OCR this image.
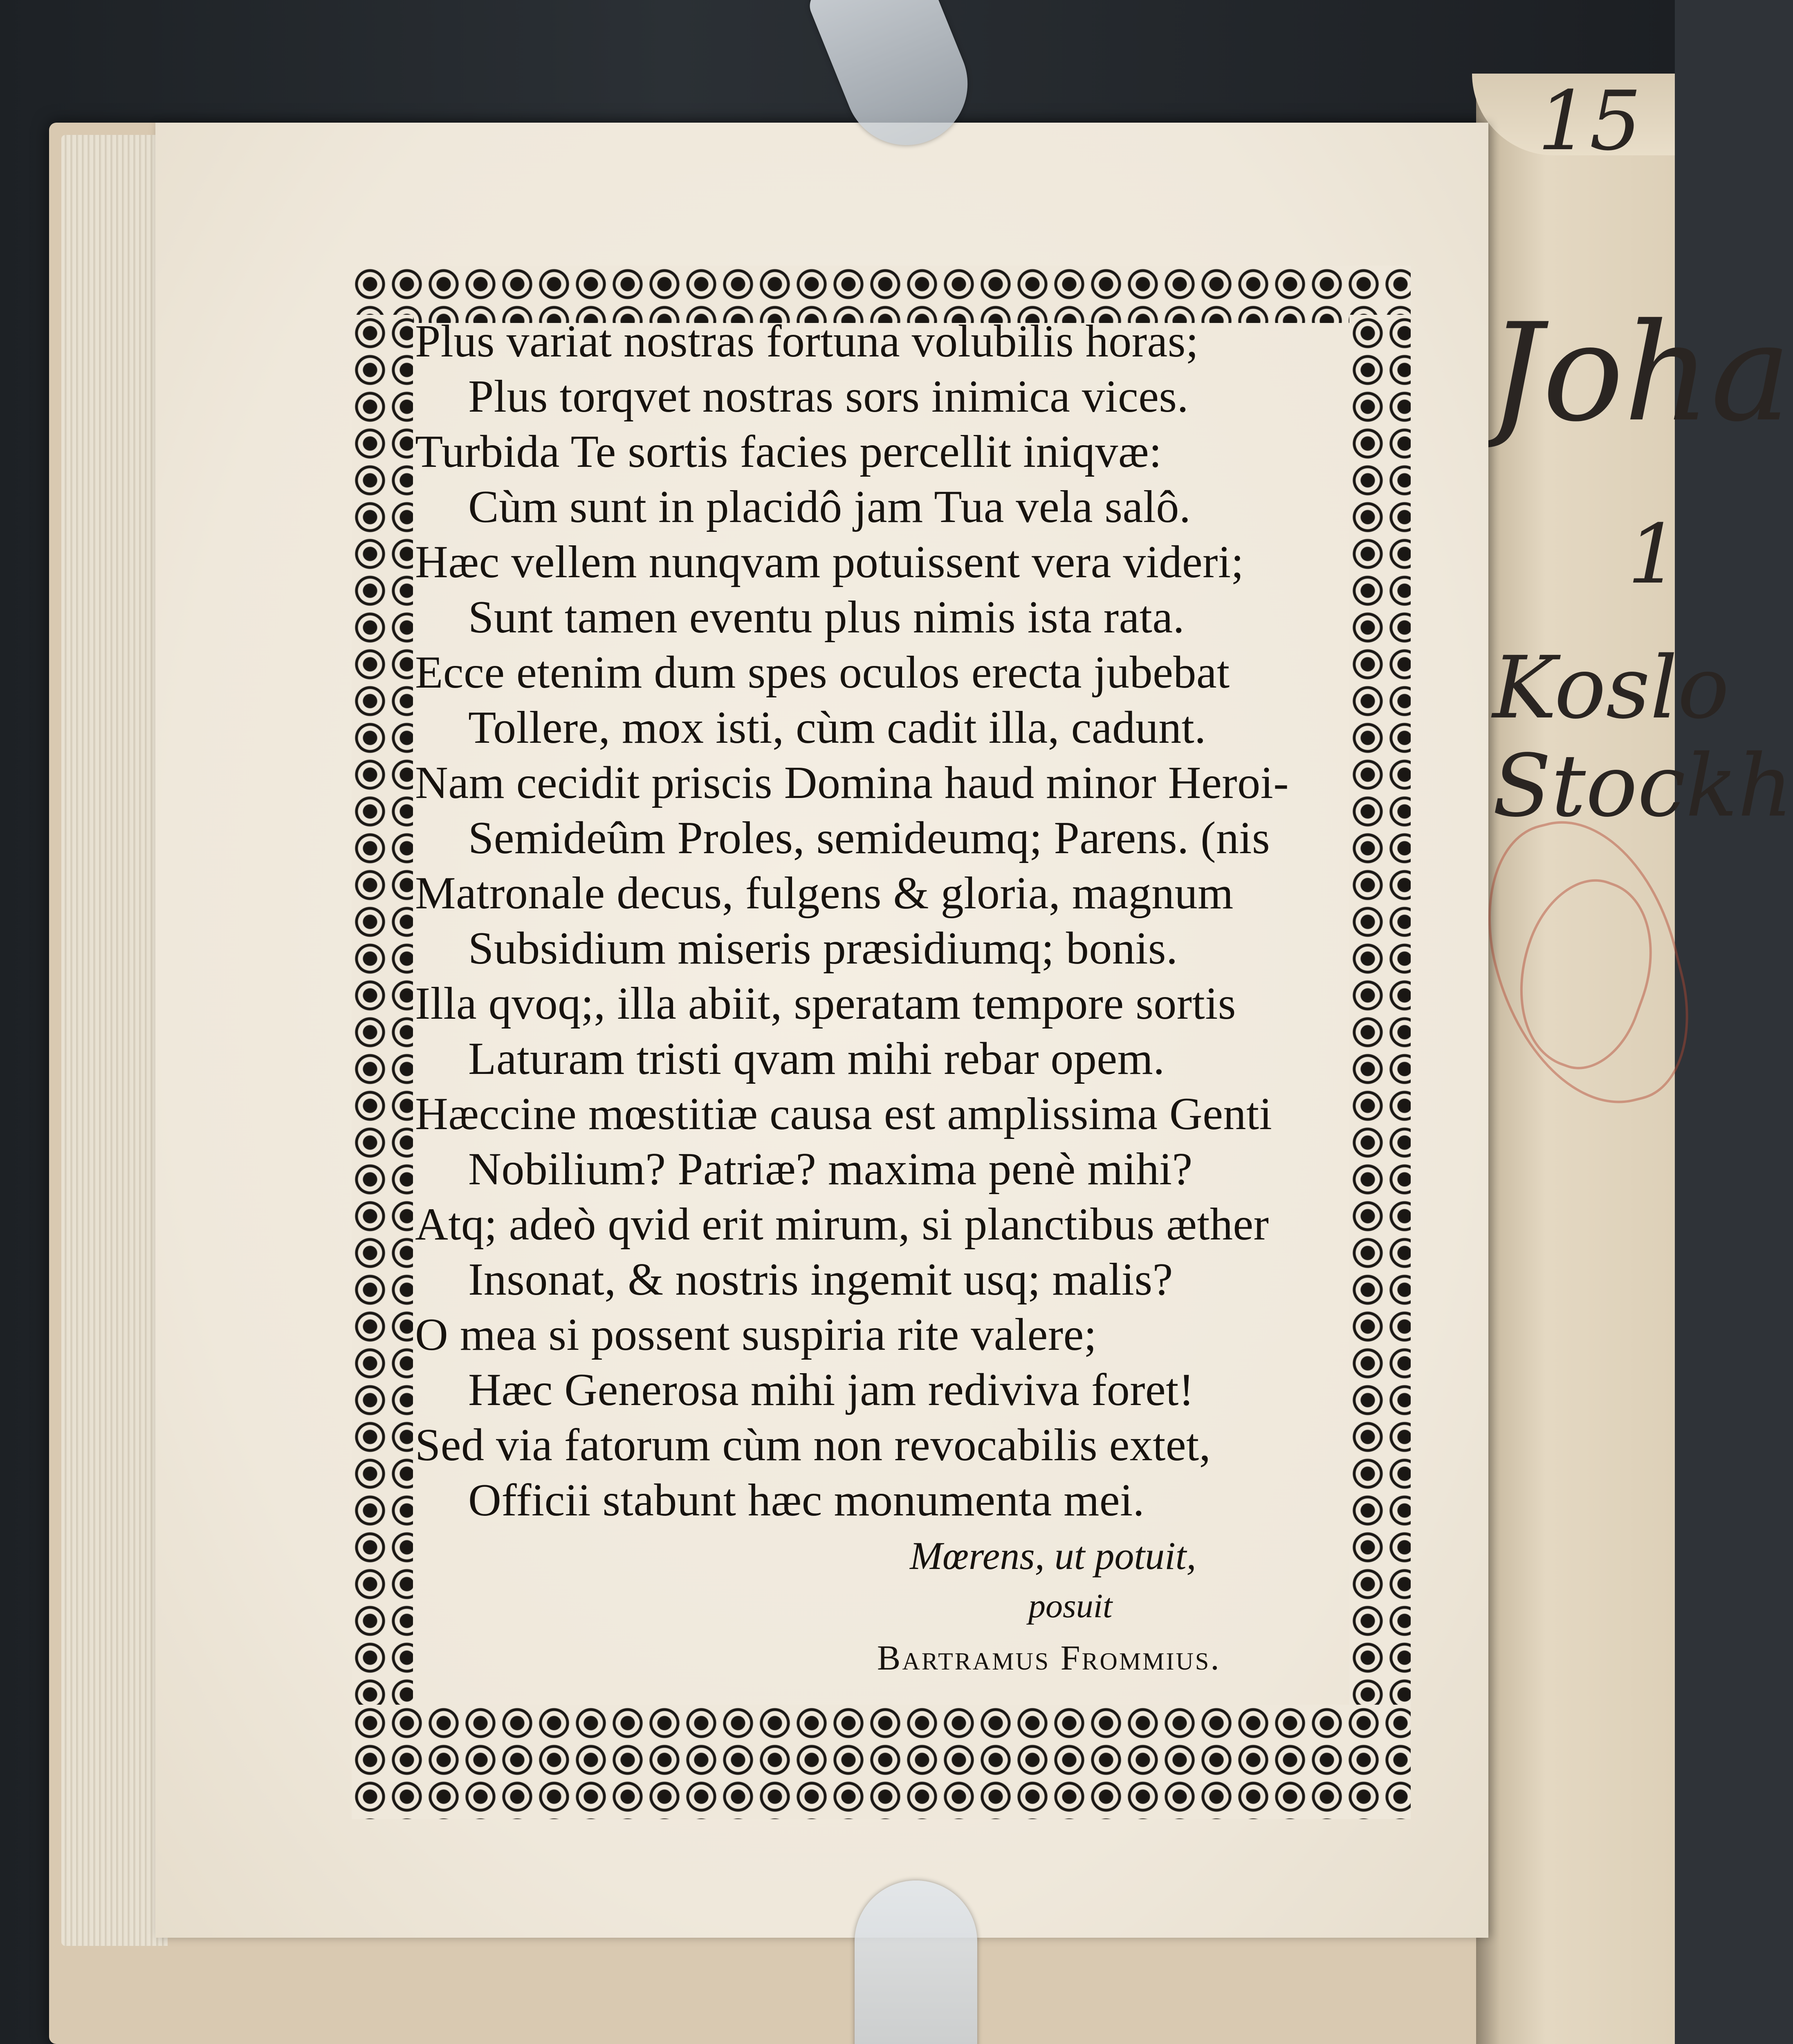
15
Joha
1
Koslo
Stockh
Plus variat nostras fortuna volubilis horas;
Plus torqvet nostras sors inimica vices.
Turbida Te sortis facies percellit iniqvæ:
Cùm sunt in placidô jam Tua vela salô.
Hæc vellem nunqvam potuissent vera videri;
Sunt tamen eventu plus nimis ista rata.
Ecce etenim dum spes oculos erecta jubebat
Tollere, mox isti, cùm cadit illa, cadunt.
Nam cecidit priscis Domina haud minor Heroi-
Semideûm Proles, semideumq; Parens. (nis
Matronale decus, fulgens & gloria, magnum
Subsidium miseris præsidiumq; bonis.
Illa qvoq;, illa abiit, speratam tempore sortis
Laturam tristi qvam mihi rebar opem.
Hæccine mœstitiæ causa est amplissima Genti
Nobilium? Patriæ? maxima penè mihi?
Atq; adeò qvid erit mirum, si planctibus æther
Insonat, & nostris ingemit usq; malis?
O mea si possent suspiria rite valere;
Hæc Generosa mihi jam rediviva foret!
Sed via fatorum cùm non revocabilis extet,
Officii stabunt hæc monumenta mei.
Mœrens, ut potuit,
posuit
Bartramus Frommius.
